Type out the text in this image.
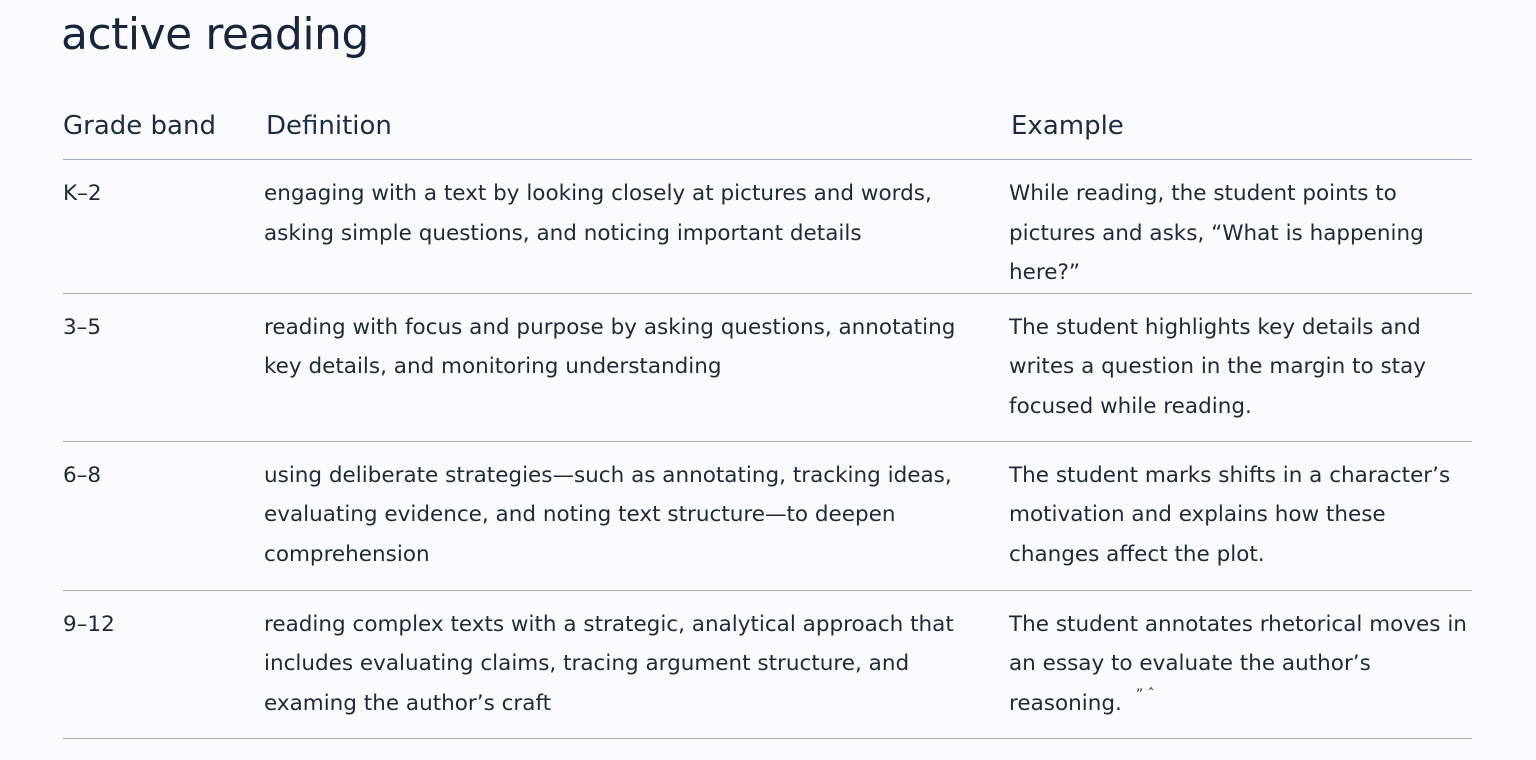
active reading
Grade band	Definition	Example
K–2	engaging with a text by looking closely at pictures and words, asking simple questions, and noticing important details	While reading, the student points to pictures and asks, “What is happening here?”
3–5	reading with focus and purpose by asking questions, annotating key details, and monitoring understanding	The student highlights key details and writes a question in the margin to stay focused while reading.
6–8	using deliberate strategies—such as annotating, tracking ideas, evaluating evidence, and noting text structure—to deepen comprehension	The student marks shifts in a character’s motivation and explains how these changes affect the plot.
9–12	reading complex texts with a strategic, analytical approach that includes evaluating claims, tracing argument structure, and examing the author’s craft	The student annotates rhetorical moves in an essay to evaluate the author’s reasoning. ” ˆ
